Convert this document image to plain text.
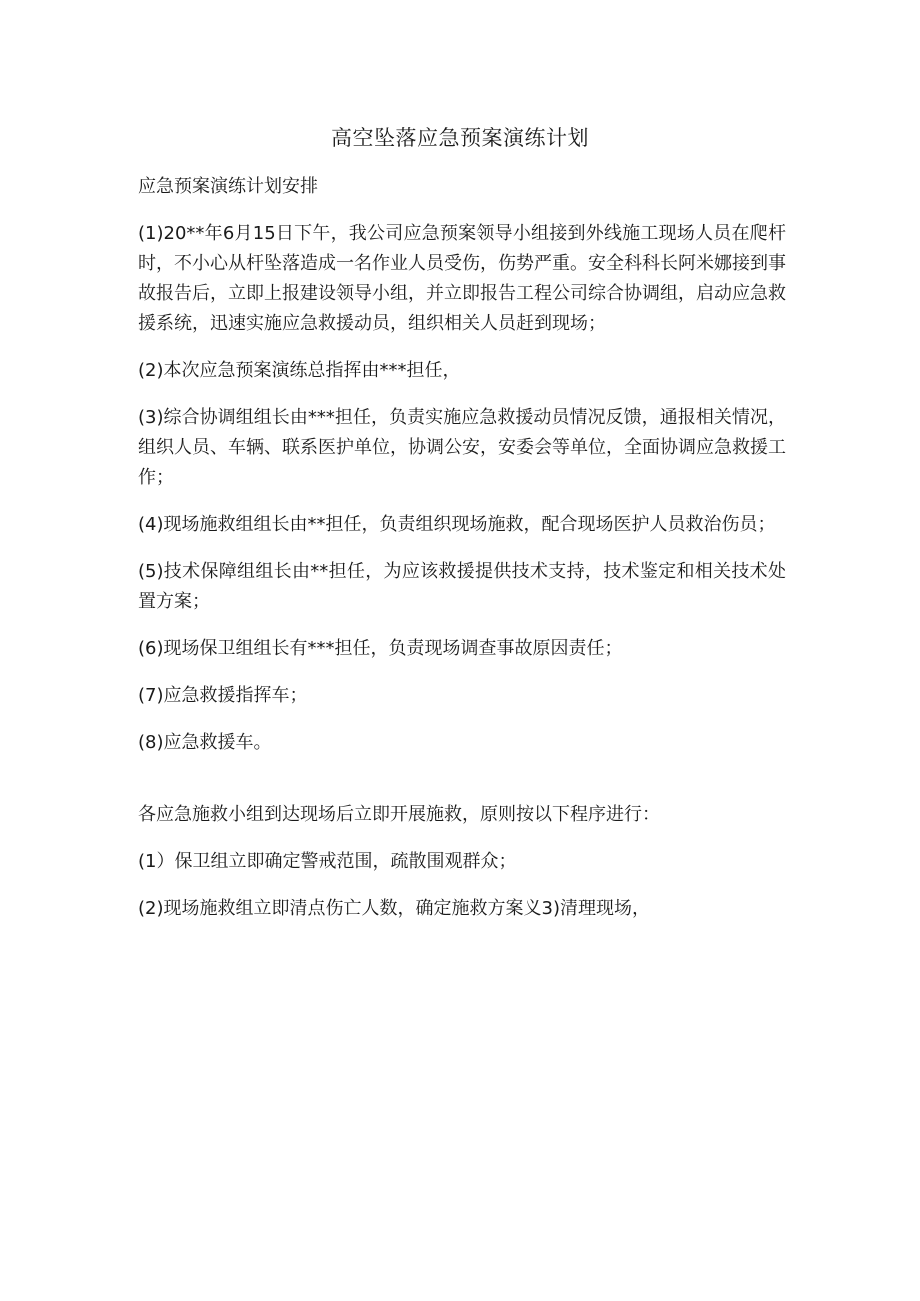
高空坠落应急预案演练计划

应急预案演练计划安排

(1)20**年6月15日下午，我公司应急预案领导小组接到外线施工现场人员在爬杆时，不小心从杆坠落造成一名作业人员受伤，伤势严重。安全科科长阿米娜接到事故报告后，立即上报建设领导小组，并立即报告工程公司综合协调组，启动应急救援系统，迅速实施应急救援动员，组织相关人员赶到现场；

(2)本次应急预案演练总指挥由***担任，

(3)综合协调组组长由***担任，负责实施应急救援动员情况反馈，通报相关情况，组织人员、车辆、联系医护单位，协调公安，安委会等单位，全面协调应急救援工作；

(4)现场施救组组长由**担任，负责组织现场施救，配合现场医护人员救治伤员；

(5)技术保障组组长由**担任，为应该救援提供技术支持，技术鉴定和相关技术处置方案；

(6)现场保卫组组长有***担任，负责现场调查事故原因责任；

(7)应急救援指挥车；

(8)应急救援车。

各应急施救小组到达现场后立即开展施救，原则按以下程序进行：

(1）保卫组立即确定警戒范围，疏散围观群众；

(2)现场施救组立即清点伤亡人数，确定施救方案义3)清理现场，
